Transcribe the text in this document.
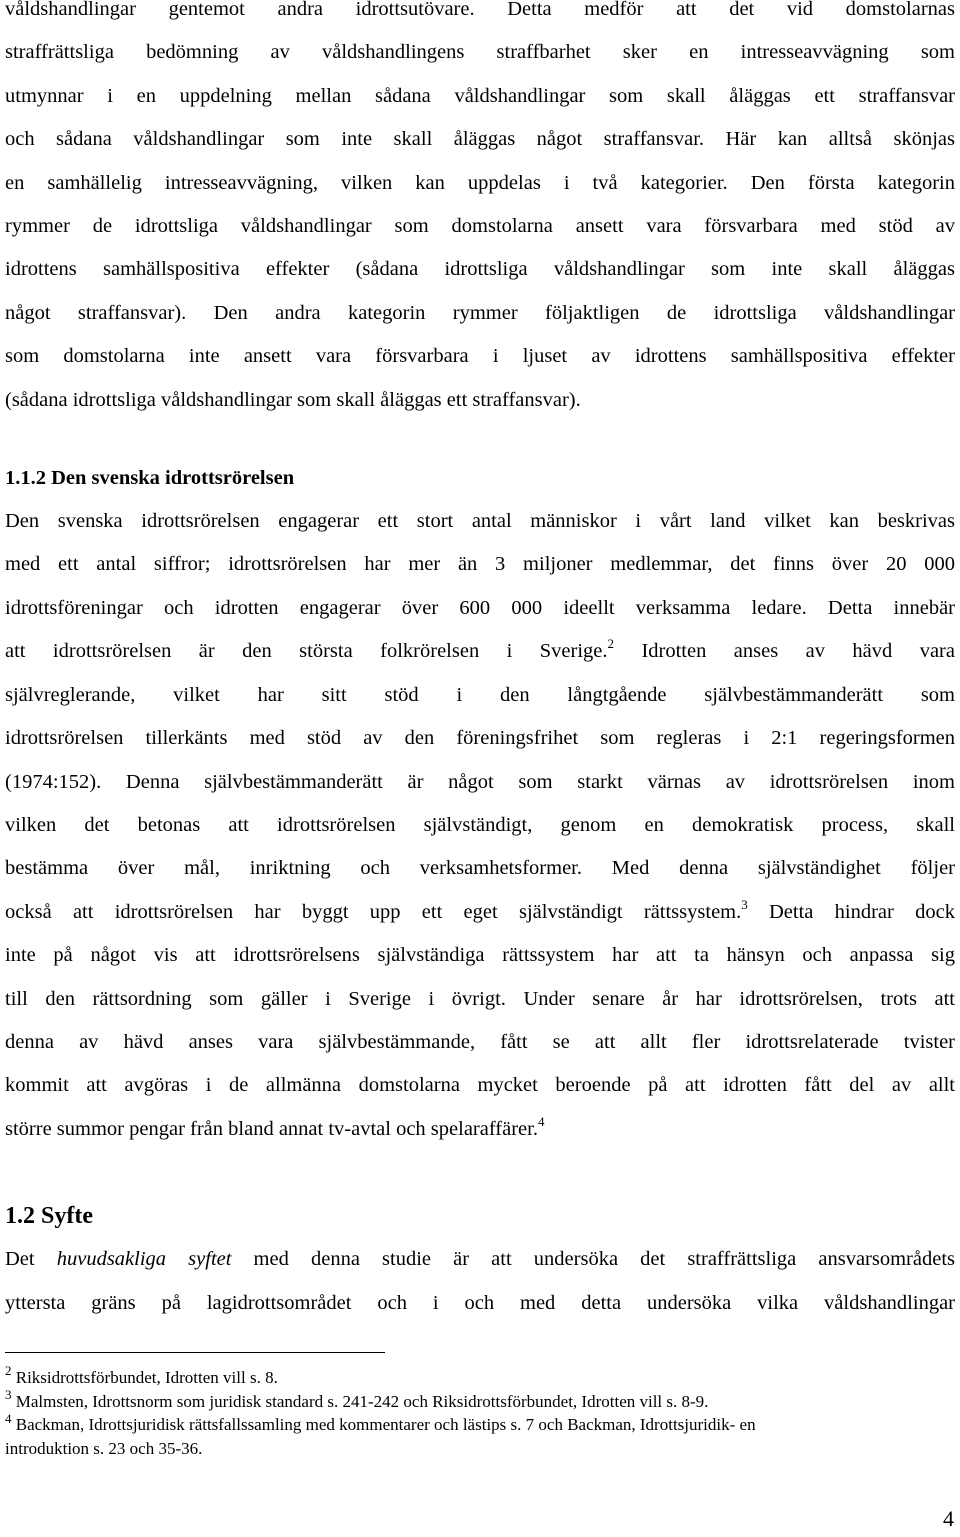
våldshandlingar gentemot andra idrottsutövare. Detta medför att det vid domstolarnas
straffrättsliga bedömning av våldshandlingens straffbarhet sker en intresseavvägning som
utmynnar i en uppdelning mellan sådana våldshandlingar som skall åläggas ett straffansvar
och sådana våldshandlingar som inte skall åläggas något straffansvar. Här kan alltså skönjas
en samhällelig intresseavvägning, vilken kan uppdelas i två kategorier. Den första kategorin
rymmer de idrottsliga våldshandlingar som domstolarna ansett vara försvarbara med stöd av
idrottens samhällspositiva effekter (sådana idrottsliga våldshandlingar som inte skall åläggas
något straffansvar). Den andra kategorin rymmer följaktligen de idrottsliga våldshandlingar
som domstolarna inte ansett vara försvarbara i ljuset av idrottens samhällspositiva effekter
(sådana idrottsliga våldshandlingar som skall åläggas ett straffansvar).
1.1.2 Den svenska idrottsrörelsen
Den svenska idrottsrörelsen engagerar ett stort antal människor i vårt land vilket kan beskrivas
med ett antal siffror; idrottsrörelsen har mer än 3 miljoner medlemmar, det finns över 20 000
idrottsföreningar och idrotten engagerar över 600 000 ideellt verksamma ledare. Detta innebär
att idrottsrörelsen är den största folkrörelsen i Sverige.$^2$ Idrotten anses av hävd vara
självreglerande, vilket har sitt stöd i den långtgående självbestämmanderätt som
idrottsrörelsen tillerkänts med stöd av den föreningsfrihet som regleras i 2:1 regeringsformen
(1974:152). Denna självbestämmanderätt är något som starkt värnas av idrottsrörelsen inom
vilken det betonas att idrottsrörelsen självständigt, genom en demokratisk process, skall
bestämma över mål, inriktning och verksamhetsformer. Med denna självständighet följer
också att idrottsrörelsen har byggt upp ett eget självständigt rättssystem.$^3$ Detta hindrar dock
inte på något vis att idrottsrörelsens självständiga rättssystem har att ta hänsyn och anpassa sig
till den rättsordning som gäller i Sverige i övrigt. Under senare år har idrottsrörelsen, trots att
denna av hävd anses vara självbestämmande, fått se att allt fler idrottsrelaterade tvister
kommit att avgöras i de allmänna domstolarna mycket beroende på att idrotten fått del av allt
större summor pengar från bland annat tv-avtal och spelaraffärer.$^4$
1.2 Syfte
Det huvudsakliga syftet med denna studie är att undersöka det straffrättsliga ansvarsområdets
yttersta gräns på lagidrottsområdet och i och med detta undersöka vilka våldshandlingar
$^2$ Riksidrottsförbundet, Idrotten vill s. 8.
$^3$ Malmsten, Idrottsnorm som juridisk standard s. 241-242 och Riksidrottsförbundet, Idrotten vill s. 8-9.
$^4$ Backman, Idrottsjuridisk rättsfallssamling med kommentarer och lästips s. 7 och Backman, Idrottsjuridik- en
introduktion s. 23 och 35-36.
4
